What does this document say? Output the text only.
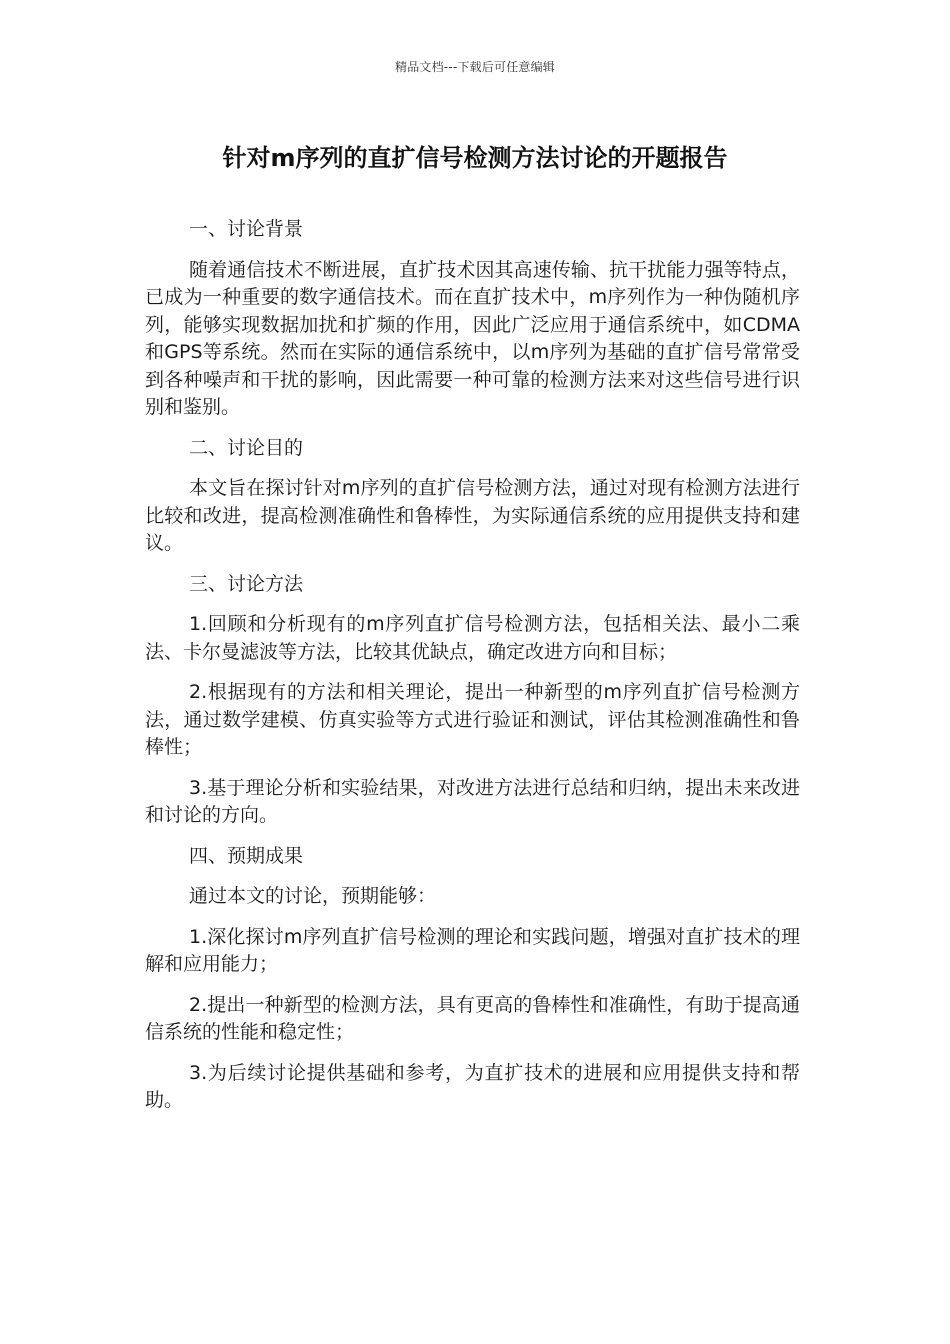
精品文档---下载后可任意编辑
针对m序列的直扩信号检测方法讨论的开题报告

一、讨论背景

随着通信技术不断进展，直扩技术因其高速传输、抗干扰能力强等特点，已成为一种重要的数字通信技术。而在直扩技术中，m序列作为一种伪随机序列，能够实现数据加扰和扩频的作用，因此广泛应用于通信系统中，如CDMA和GPS等系统。然而在实际的通信系统中，以m序列为基础的直扩信号常常受到各种噪声和干扰的影响，因此需要一种可靠的检测方法来对这些信号进行识别和鉴别。

二、讨论目的

本文旨在探讨针对m序列的直扩信号检测方法，通过对现有检测方法进行比较和改进，提高检测准确性和鲁棒性，为实际通信系统的应用提供支持和建议。

三、讨论方法

1.回顾和分析现有的m序列直扩信号检测方法，包括相关法、最小二乘法、卡尔曼滤波等方法，比较其优缺点，确定改进方向和目标；

2.根据现有的方法和相关理论，提出一种新型的m序列直扩信号检测方法，通过数学建模、仿真实验等方式进行验证和测试，评估其检测准确性和鲁棒性；

3.基于理论分析和实验结果，对改进方法进行总结和归纳，提出未来改进和讨论的方向。

四、预期成果

通过本文的讨论，预期能够：

1.深化探讨m序列直扩信号检测的理论和实践问题，增强对直扩技术的理解和应用能力；

2.提出一种新型的检测方法，具有更高的鲁棒性和准确性，有助于提高通信系统的性能和稳定性；

3.为后续讨论提供基础和参考，为直扩技术的进展和应用提供支持和帮助。
